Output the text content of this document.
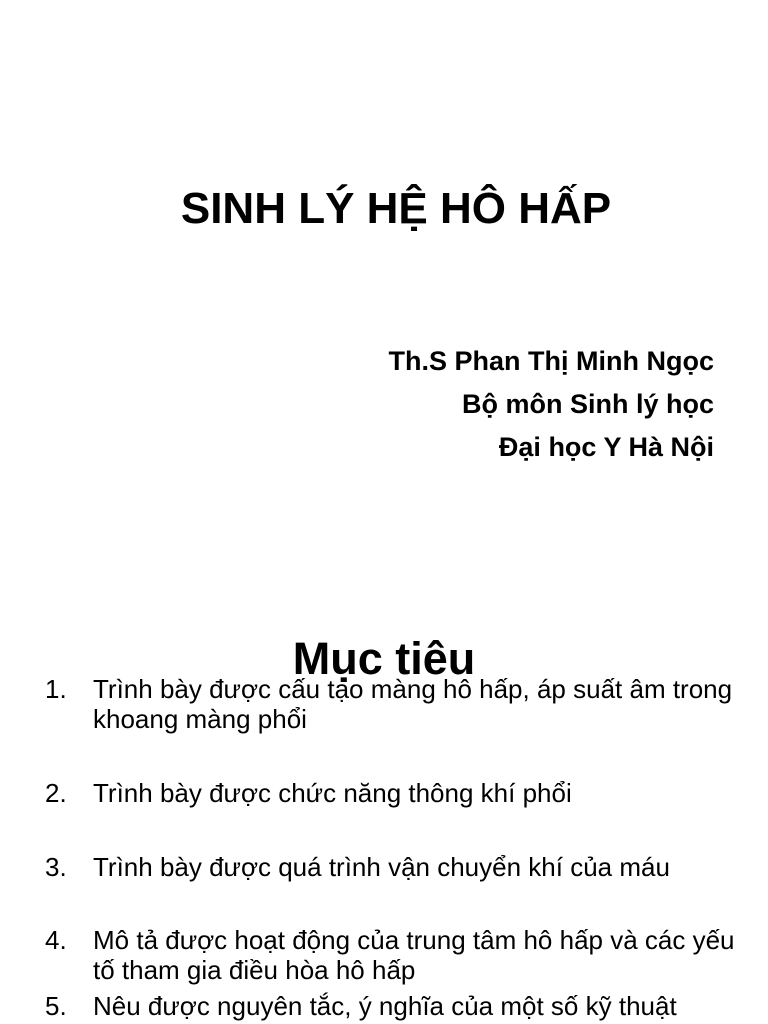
SINH LÝ HỆ HÔ HẤP
Th.S Phan Thị Minh Ngọc
Bộ môn Sinh lý học
Đại học Y Hà Nội
Mục tiêu
1.	Trình bày được cấu tạo màng hô hấp, áp suất âm trong khoang màng phổi
2.	Trình bày được chức năng thông khí phổi
3.	Trình bày được quá trình vận chuyển khí của máu
4.	Mô tả được hoạt động của trung tâm hô hấp và các yếu tố tham gia điều hòa hô hấp
5.	Nêu được nguyên tắc, ý nghĩa của một số kỹ thuật
